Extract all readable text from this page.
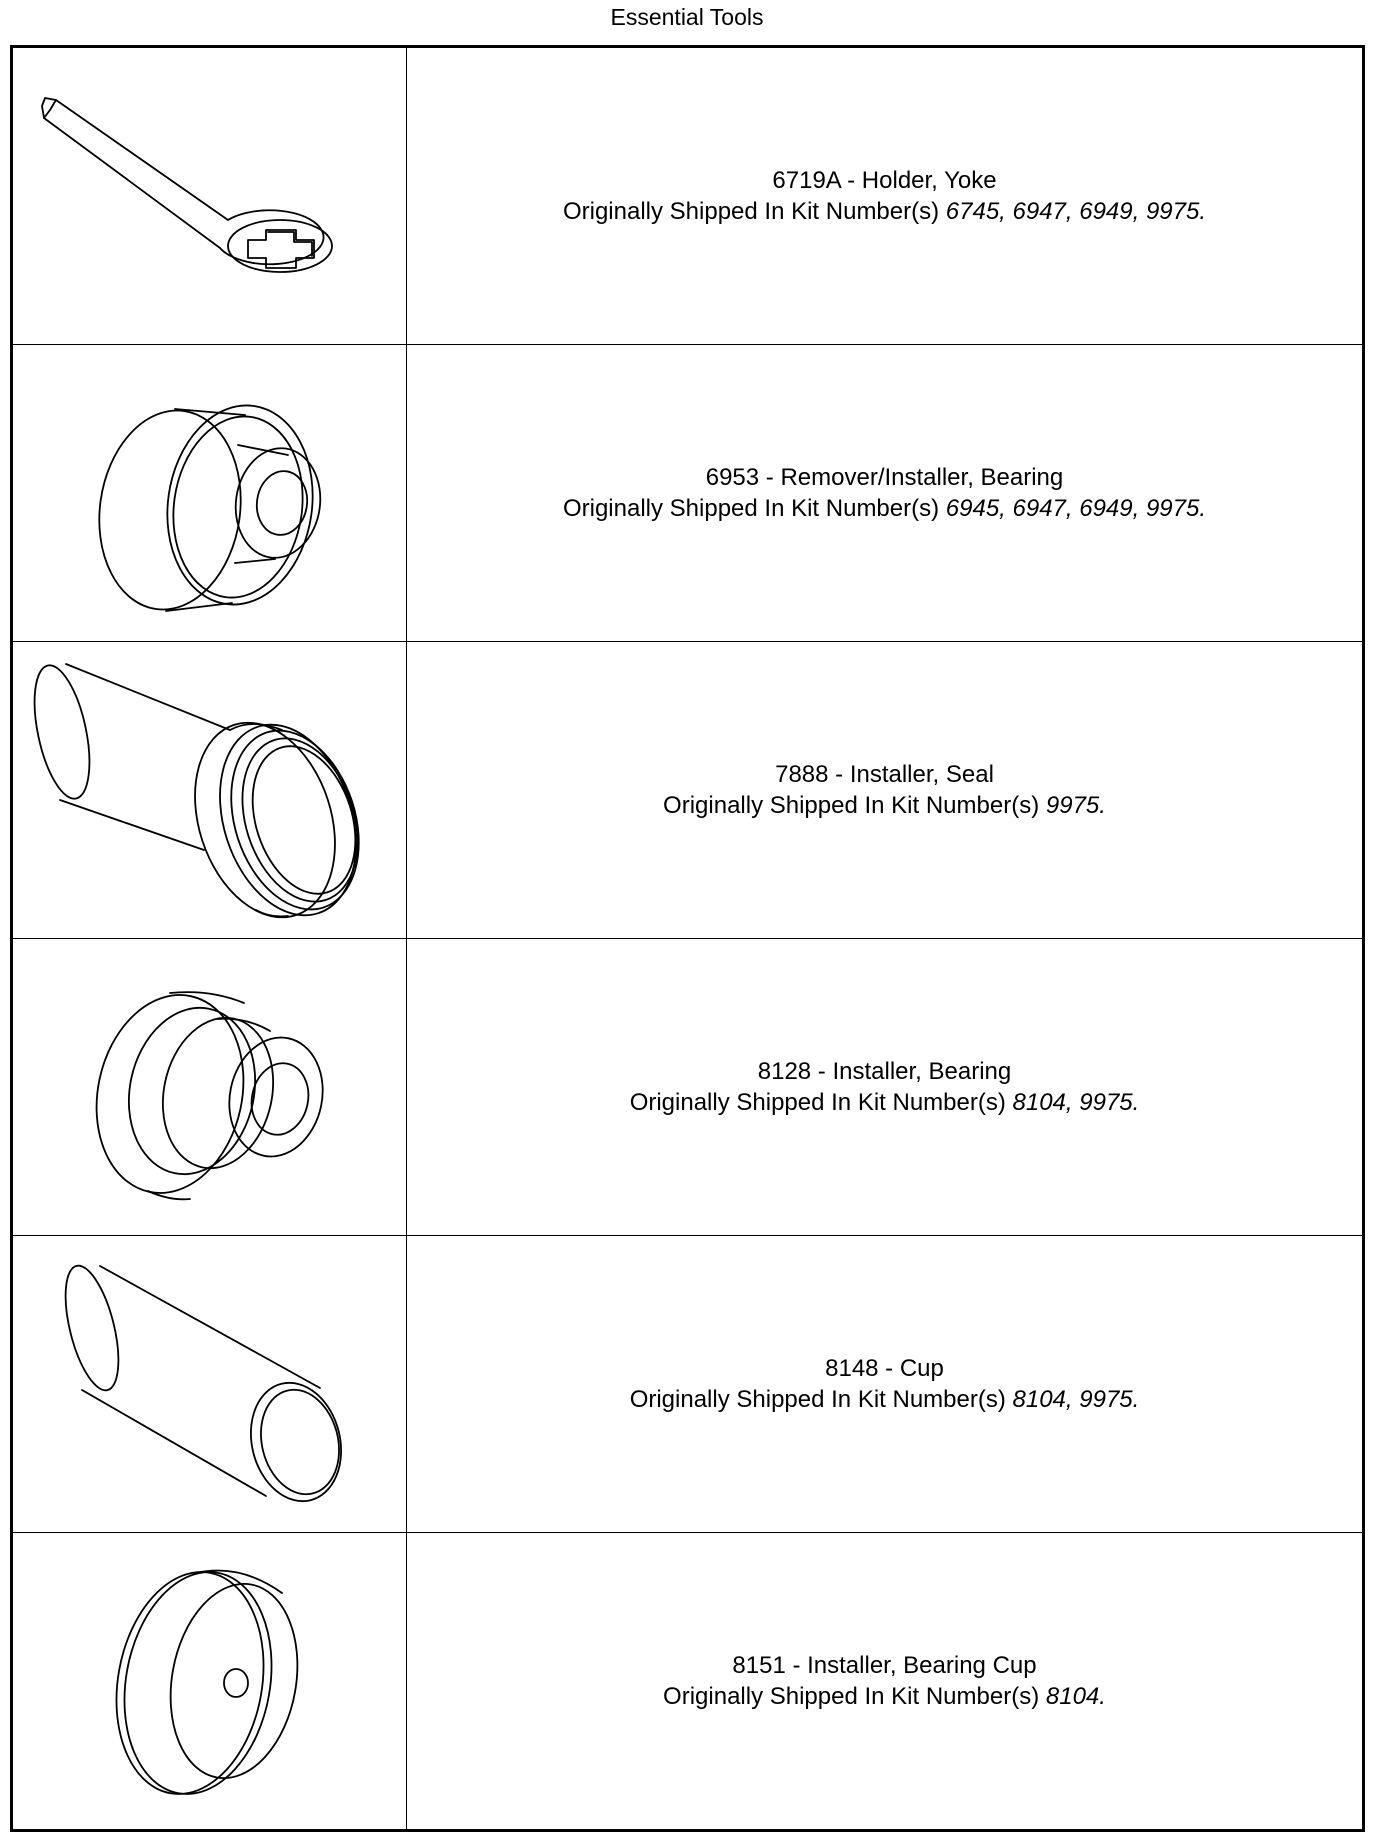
Essential Tools
6719A - Holder, Yoke
Originally Shipped In Kit Number(s) 6745, 6947, 6949, 9975.
6953 - Remover/Installer, Bearing
Originally Shipped In Kit Number(s) 6945, 6947, 6949, 9975.
7888 - Installer, Seal
Originally Shipped In Kit Number(s) 9975.
8128 - Installer, Bearing
Originally Shipped In Kit Number(s) 8104, 9975.
8148 - Cup
Originally Shipped In Kit Number(s) 8104, 9975.
8151 - Installer, Bearing Cup
Originally Shipped In Kit Number(s) 8104.
